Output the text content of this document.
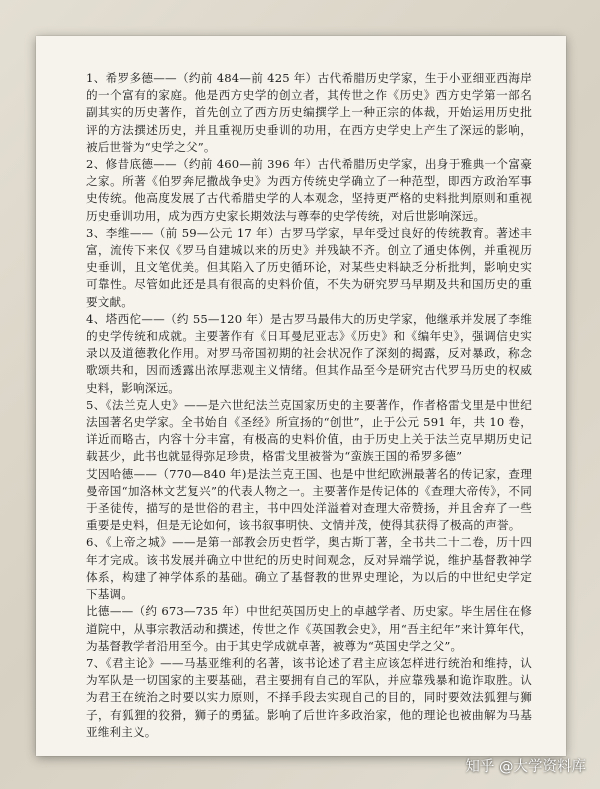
1、希罗多德——（约前 484—前 425 年）古代希腊历史学家，生于小亚细亚西海岸的一个富有的家庭。他是西方史学的创立者，其传世之作《历史》西方史学第一部名副其实的历史著作，首先创立了西方历史编撰学上一种正宗的体裁，开始运用历史批评的方法撰述历史，并且重视历史垂训的功用，在西方史学史上产生了深远的影响，被后世誉为“史学之父”。

2、修昔底德——（约前 460—前 396 年）古代希腊历史学家，出身于雅典一个富豪之家。所著《伯罗奔尼撒战争史》为西方传统史学确立了一种范型，即西方政治军事史传统。他高度发展了古代希腊史学的人本观念，坚持更严格的史料批判原则和重视历史垂训功用，成为西方史家长期效法与尊奉的史学传统，对后世影响深远。

3、李维——（前 59—公元 17 年）古罗马学家，早年受过良好的传统教育。著述丰富，流传下来仅《罗马自建城以来的历史》并残缺不齐。创立了通史体例，并重视历史垂训，且文笔优美。但其陷入了历史循环论，对某些史料缺乏分析批判，影响史实可靠性。尽管如此还是具有很高的史料价值，不失为研究罗马早期及共和国历史的重要文献。

4、塔西佗——（约 55—120 年）是古罗马最伟大的历史学家，他继承并发展了李维的史学传统和成就。主要著作有《日耳曼尼亚志》《历史》和《编年史》，强调信史实录以及道德教化作用。对罗马帝国初期的社会状况作了深刻的揭露，反对暴政，称念歌颂共和，因而透露出浓厚悲观主义情绪。但其作品至今是研究古代罗马历史的权威史料，影响深远。

5、《法兰克人史》——是六世纪法兰克国家历史的主要著作，作者格雷戈里是中世纪法国著名史学家。全书始自《圣经》所宣扬的“创世”，止于公元 591 年，共 10 卷，详近而略古，内容十分丰富，有极高的史料价值，由于历史上关于法兰克早期历史记载甚少，此书也就显得弥足珍贵，格雷戈里被誉为“蛮族王国的希罗多德”

艾因哈德——（770—840 年)是法兰克王国、也是中世纪欧洲最著名的传记家，查理曼帝国“加洛林文艺复兴”的代表人物之一。主要著作是传记体的《查理大帝传》，不同于圣徒传，描写的是世俗的君主，书中四处洋溢着对查理大帝赞扬，并且舍弃了一些重要是史料，但是无论如何，该书叙事明快、文情并茂，使得其获得了极高的声誉。

6、《上帝之城》——是第一部教会历史哲学，奥古斯丁著，全书共二十二卷，历十四年才完成。该书发展并确立中世纪的历史时间观念，反对异端学说，维护基督教神学体系，构建了神学体系的基础。确立了基督教的世界史理论，为以后的中世纪史学定下基调。

比德——（约 673—735 年）中世纪英国历史上的卓越学者、历史家。毕生居住在修道院中，从事宗教活动和撰述，传世之作《英国教会史》，用“吾主纪年”来计算年代，为基督教学者沿用至今。由于其史学成就卓著，被尊为“英国史学之父”。

7、《君主论》——马基亚维利的名著，该书论述了君主应该怎样进行统治和维持，认为军队是一切国家的主要基础，君主要拥有自己的军队，并应靠残暴和诡诈取胜。认为君王在统治之时要以实力原则，不择手段去实现自己的目的，同时要效法狐狸与狮子，有狐狸的狡猾，狮子的勇猛。影响了后世许多政治家，他的理论也被曲解为马基亚维利主义。

知乎 @大学资料库
